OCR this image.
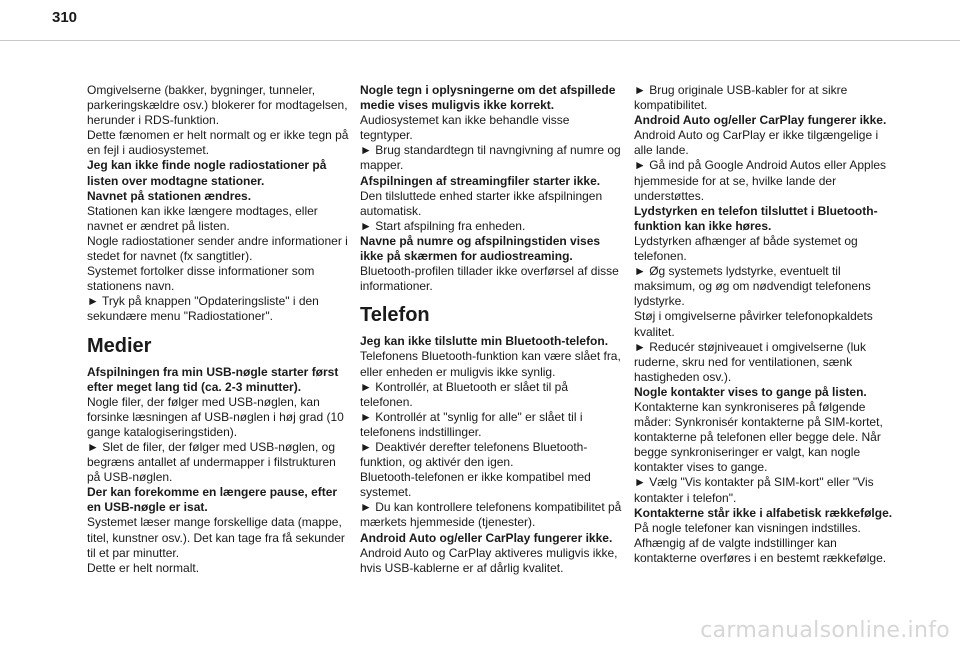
310

Omgivelserne (bakker, bygninger, tunneler, parkeringskældre osv.) blokerer for modtagelsen, herunder i RDS-funktion.

Dette fænomen er helt normalt og er ikke tegn på en fejl i audiosystemet.

Jeg kan ikke finde nogle radiostationer på listen over modtagne stationer.

Navnet på stationen ændres.

Stationen kan ikke længere modtages, eller navnet er ændret på listen.

Nogle radiostationer sender andre informationer i stedet for navnet (fx sangtitler).

Systemet fortolker disse informationer som stationens navn.

► Tryk på knappen "Opdateringsliste" i den sekundære menu "Radiostationer".

Medier

Afspilningen fra min USB-nøgle starter først efter meget lang tid (ca. 2-3 minutter).

Nogle filer, der følger med USB-nøglen, kan forsinke læsningen af USB-nøglen i høj grad (10 gange katalogiseringstiden).

► Slet de filer, der følger med USB-nøglen, og begræns antallet af undermapper i filstrukturen på USB-nøglen.

Der kan forekomme en længere pause, efter en USB-nøgle er isat.

Systemet læser mange forskellige data (mappe, titel, kunstner osv.). Det kan tage fra få sekunder til et par minutter.

Dette er helt normalt.

Nogle tegn i oplysningerne om det afspillede medie vises muligvis ikke korrekt.

Audiosystemet kan ikke behandle visse tegntyper.

► Brug standardtegn til navngivning af numre og mapper.

Afspilningen af streamingfiler starter ikke.

Den tilsluttede enhed starter ikke afspilningen automatisk.

► Start afspilning fra enheden.

Navne på numre og afspilningstiden vises ikke på skærmen for audiostreaming.

Bluetooth-profilen tillader ikke overførsel af disse informationer.

Telefon

Jeg kan ikke tilslutte min Bluetooth-telefon.

Telefonens Bluetooth-funktion kan være slået fra, eller enheden er muligvis ikke synlig.

► Kontrollér, at Bluetooth er slået til på telefonen.

► Kontrollér at "synlig for alle" er slået til i telefonens indstillinger.

► Deaktivér derefter telefonens Bluetooth-funktion, og aktivér den igen.

Bluetooth-telefonen er ikke kompatibel med systemet.

► Du kan kontrollere telefonens kompatibilitet på mærkets hjemmeside (tjenester).

Android Auto og/eller CarPlay fungerer ikke.

Android Auto og CarPlay aktiveres muligvis ikke, hvis USB-kablerne er af dårlig kvalitet.

► Brug originale USB-kabler for at sikre kompatibilitet.

Android Auto og/eller CarPlay fungerer ikke.

Android Auto og CarPlay er ikke tilgængelige i alle lande.

► Gå ind på Google Android Autos eller Apples hjemmeside for at se, hvilke lande der understøttes.

Lydstyrken en telefon tilsluttet i Bluetooth-funktion kan ikke høres.

Lydstyrken afhænger af både systemet og telefonen.

► Øg systemets lydstyrke, eventuelt til maksimum, og øg om nødvendigt telefonens lydstyrke.

Støj i omgivelserne påvirker telefonopkaldets kvalitet.

► Reducér støjniveauet i omgivelserne (luk ruderne, skru ned for ventilationen, sænk hastigheden osv.).

Nogle kontakter vises to gange på listen.

Kontakterne kan synkroniseres på følgende måder: Synkronisér kontakterne på SIM-kortet, kontakterne på telefonen eller begge dele. Når begge synkroniseringer er valgt, kan nogle kontakter vises to gange.

► Vælg "Vis kontakter på SIM-kort" eller "Vis kontakter i telefon".

Kontakterne står ikke i alfabetisk rækkefølge.

På nogle telefoner kan visningen indstilles. Afhængig af de valgte indstillinger kan kontakterne overføres i en bestemt rækkefølge.

carmanualsonline.info
